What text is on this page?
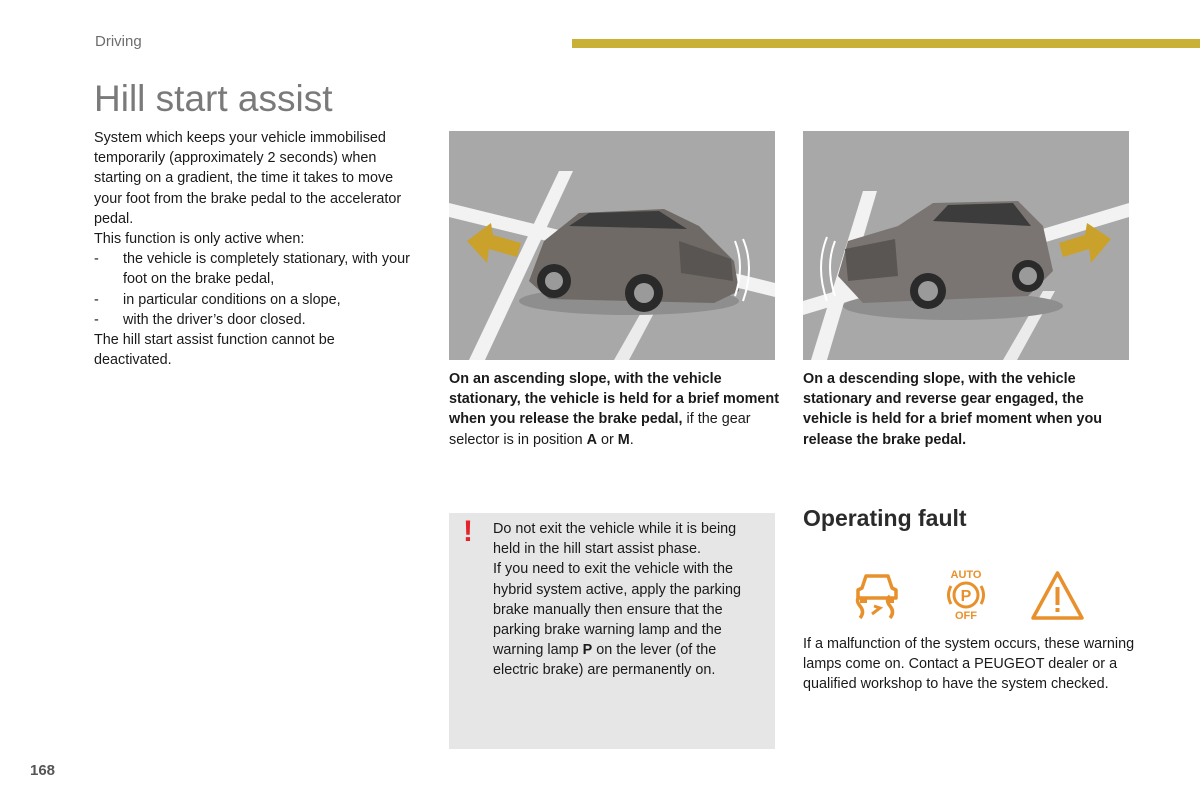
Driving
Hill start assist

System which keeps your vehicle immobilised temporarily (approximately 2 seconds) when starting on a gradient, the time it takes to move your foot from the brake pedal to the accelerator pedal.

This function is only active when:

- the vehicle is completely stationary, with your foot on the brake pedal,
- in particular conditions on a slope,
- with the driver’s door closed.

The hill start assist function cannot be deactivated.

On an ascending slope, with the vehicle stationary, the vehicle is held for a brief moment when you release the brake pedal, if the gear selector is in position A or M.
On a descending slope, with the vehicle stationary and reverse gear engaged, the vehicle is held for a brief moment when you release the brake pedal.
! Do not exit the vehicle while it is being held in the hill start assist phase.

If you need to exit the vehicle with the hybrid system active, apply the parking brake manually then ensure that the parking brake warning lamp and the warning lamp P on the lever (of the electric brake) are permanently on.

Operating fault
AUTO
P
OFF
If a malfunction of the system occurs, these warning lamps come on. Contact a PEUGEOT dealer or a qualified workshop to have the system checked.
168
